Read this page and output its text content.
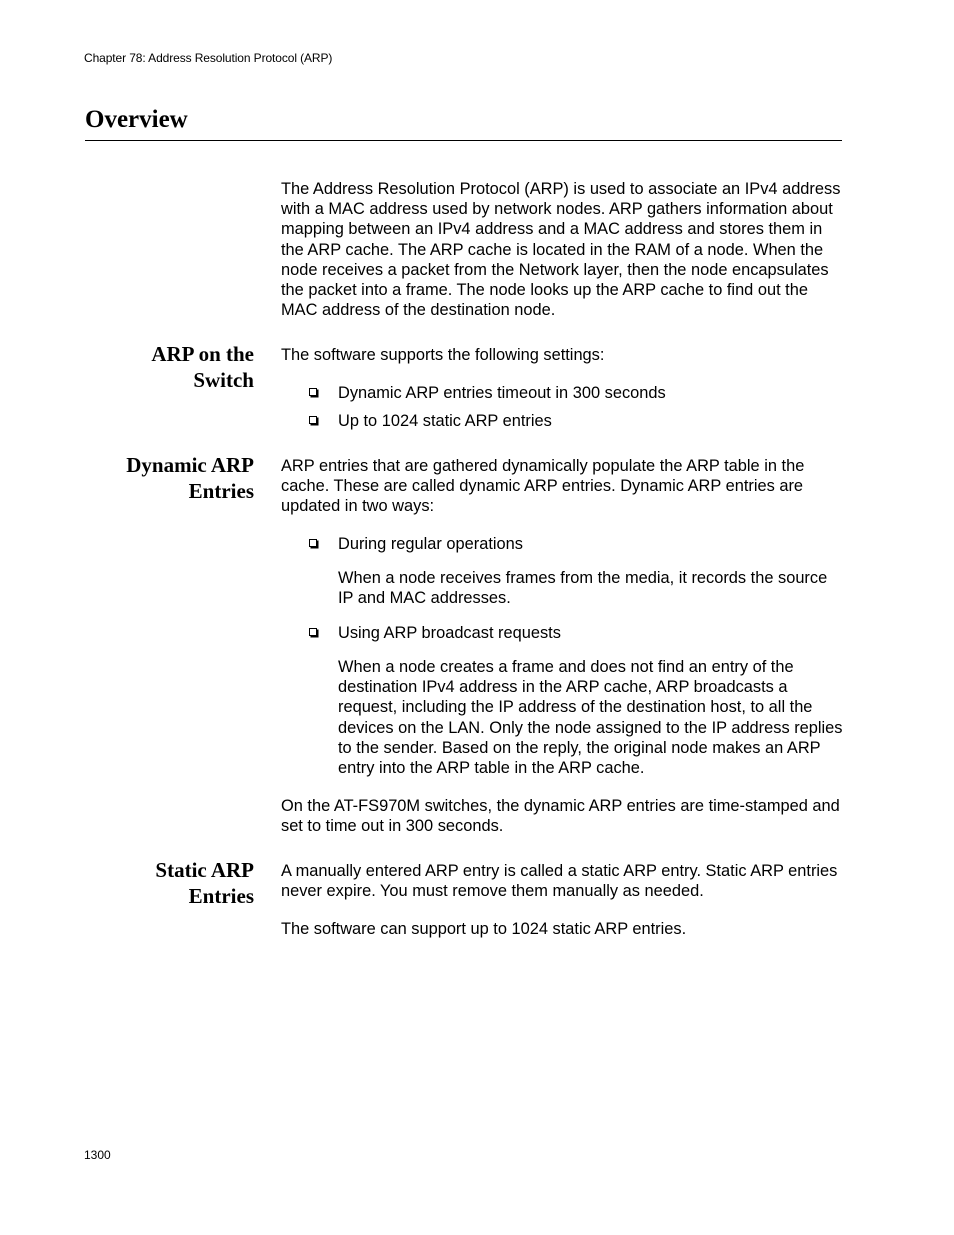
Chapter 78: Address Resolution Protocol (ARP)
Overview

The Address Resolution Protocol (ARP) is used to associate an IPv4 address with a MAC address used by network nodes. ARP gathers information about mapping between an IPv4 address and a MAC address and stores them in the ARP cache. The ARP cache is located in the RAM of a node. When the node receives a packet from the Network layer, then the node encapsulates the packet into a frame. The node looks up the ARP cache to find out the MAC address of the destination node.

ARP on the
Switch

The software supports the following settings:

Dynamic ARP entries timeout in 300 seconds
Up to 1024 static ARP entries
Dynamic ARP
Entries

ARP entries that are gathered dynamically populate the ARP table in the cache. These are called dynamic ARP entries. Dynamic ARP entries are updated in two ways:

During regular operations

When a node receives frames from the media, it records the source IP and MAC addresses.

Using ARP broadcast requests

When a node creates a frame and does not find an entry of the destination IPv4 address in the ARP cache, ARP broadcasts a request, including the IP address of the destination host, to all the devices on the LAN. Only the node assigned to the IP address replies to the sender. Based on the reply, the original node makes an ARP entry into the ARP table in the ARP cache.

On the AT-FS970M switches, the dynamic ARP entries are time-stamped and set to time out in 300 seconds.

Static ARP
Entries

A manually entered ARP entry is called a static ARP entry. Static ARP entries never expire. You must remove them manually as needed.

The software can support up to 1024 static ARP entries.

1300
